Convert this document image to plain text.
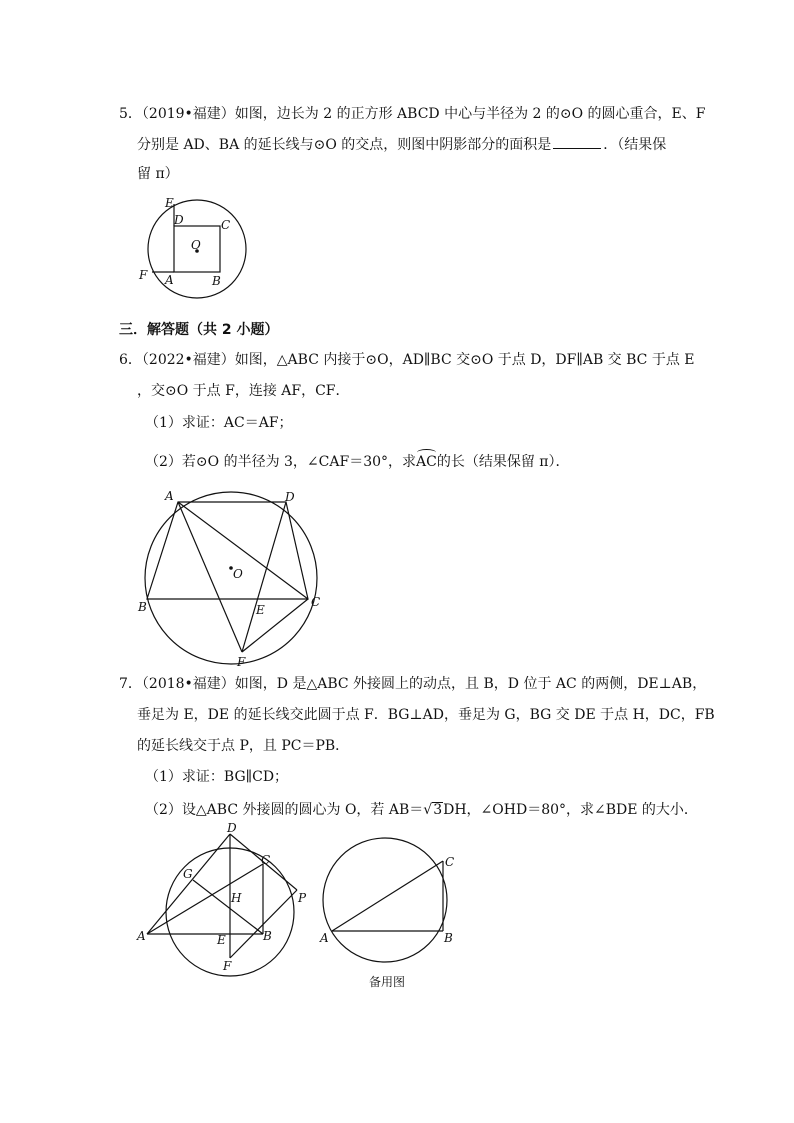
5．（2019•福建）如图，边长为 2 的正方形 ABCD 中心与半径为 2 的⊙O 的圆心重合，E、F
分别是 AD、BA 的延长线与⊙O 的交点，则图中阴影部分的面积是	．（结果保
留 π）
E
D	C
O
F A	B
三．解答题（共 2 小题）
6．（2022•福建）如图，△ABC 内接于⊙O，AD∥BC 交⊙O 于点 D，DF∥AB 交 BC 于点 E
，交⊙O 于点 F，连接 AF，CF．
（1）求证：AC＝AF；
（2）若⊙O 的半径为 3，∠CAF＝30°，求AC的长（结果保留 π）．
A	D
O
B	E
C
F
7．（2018•福建）如图，D 是△ABC 外接圆上的动点，且 B，D 位于 AC 的两侧，DE⊥AB，
垂足为 E，DE 的延长线交此圆于点 F．BG⊥AD，垂足为 G，BG 交 DE 于点 H，DC，FB
的延长线交于点 P，且 PC＝PB．
（1）求证：BG∥CD；
（2）设△ABC 外接圆的圆心为 O，若 AB＝√3DH，∠OHD＝80°，求∠BDE 的大小．
D
G
C
H	P
A	E	B
F
C
A	B
备用图
